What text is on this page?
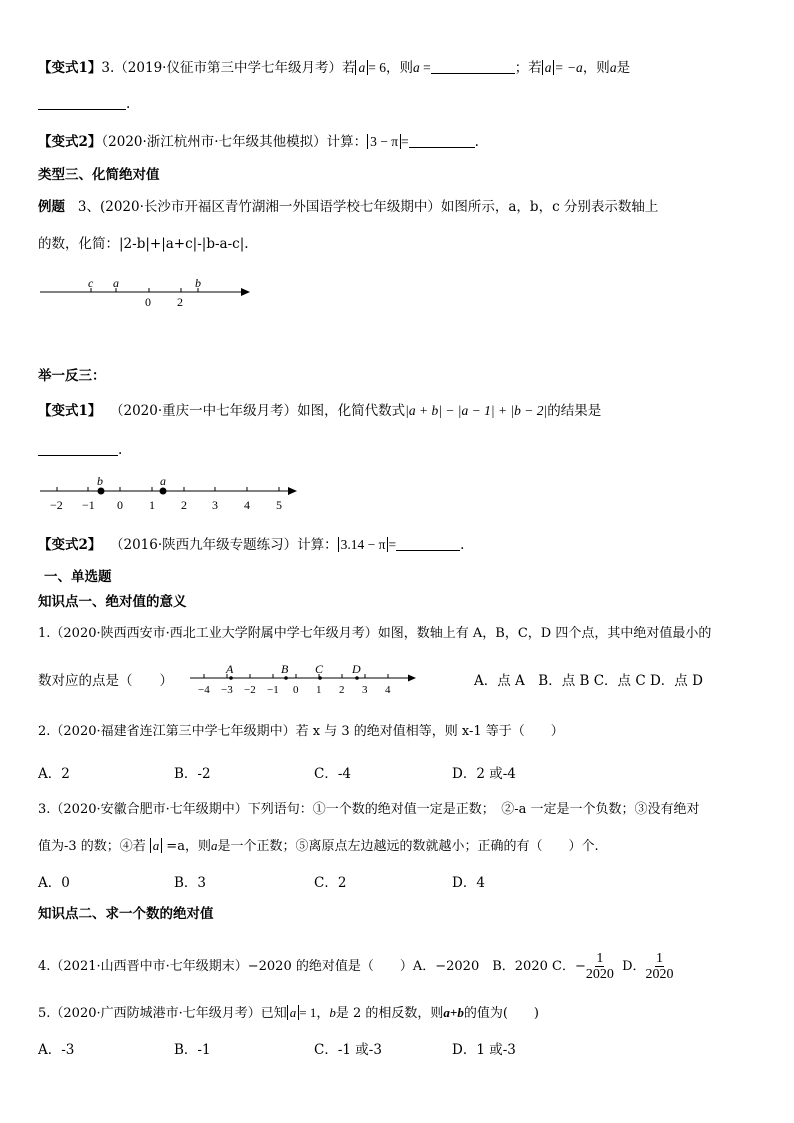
【变式1】3.（2019·仪征市第三中学七年级月考）若 a = 6，则a =	；若 a = −a，则a是
.
【变式2】（2020·浙江杭州市·七年级其他模拟）计算： 3 − π =	.
类型三、化简绝对值
例题 3、(2020·长沙市开福区青竹湖湘一外国语学校七年级期中）如图所示，a，b，c 分别表示数轴上
的数，化简：|2-b|+|a+c|-|b-a-c|.
c a	b
0 2
举一反三：
【变式1】 （2020·重庆一中七年级月考）如图，化简代数式|a + b| − |a − 1| + |b − 2|的结果是
.
b	a
−2 −1 0 1 2 3 4 5
【变式2】 （2016·陕西九年级专题练习）计算： 3.14 − π =	.
一、单选题
知识点一、绝对值的意义
1.（2020·陕西西安市·西北工业大学附属中学七年级月考）如图，数轴上有 A，B，C，D 四个点，其中绝对值最小的
数对应的点是（　　）
A	B C D
−4 −3 −2 −1 0 1 2 3 4
A．点 A　B．点 B C．点 C D．点 D
2.（2020·福建省连江第三中学七年级期中）若 x 与 3 的绝对值相等，则 x-1 等于（　　）
A．2	B．-2	C．-4	D．2 或-4
3.（2020·安徽合肥市·七年级期中）下列语句：①一个数的绝对值一定是正数；　②-a 一定是一个负数；③没有绝对
值为-3 的数；④若 a =a，则a是一个正数；⑤离原点左边越远的数就越小；正确的有（　　）个.
A．0	B．3	C．2	D．4
知识点二、求一个数的绝对值
4.（2021·山西晋中市·七年级期末）−2020 的绝对值是（　　）A．−2020　B．2020 C．− $\frac{1}{2020}$ D． $\frac{1}{2020}$
5.（2020·广西防城港市·七年级月考）已知 a = 1，b是 2 的相反数，则a+b的值为(　　)
A．-3	B．-1	C．-1 或-3	D．1 或-3
